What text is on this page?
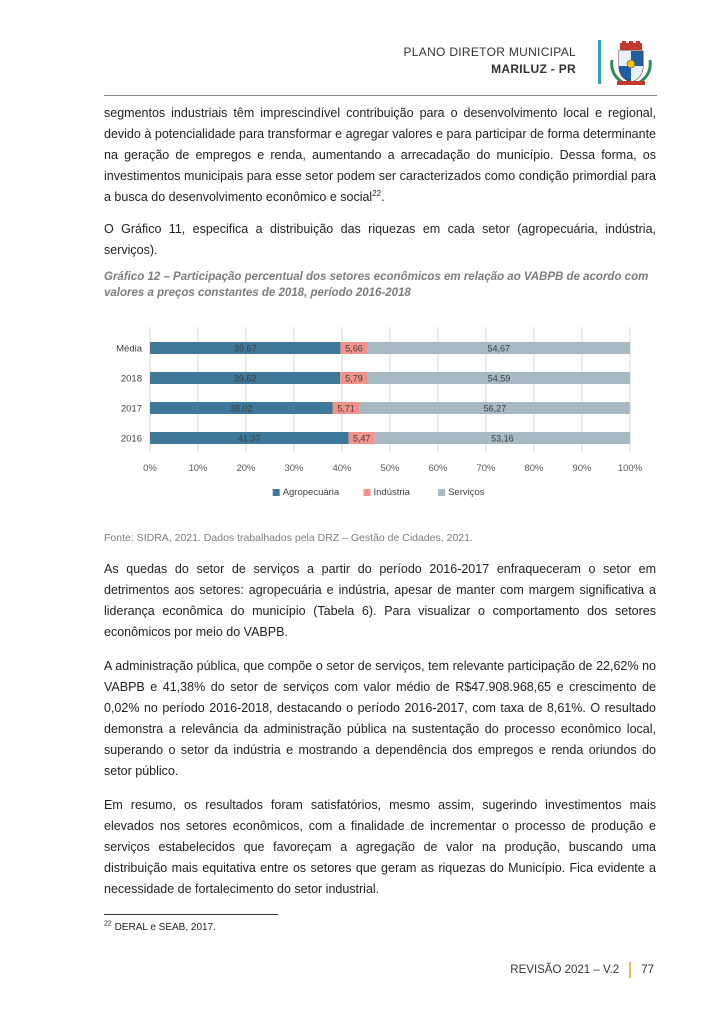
PLANO DIRETOR MUNICIPAL
MARILUZ - PR

segmentos industriais têm imprescindível contribuição para o desenvolvimento local e regional, devido à potencialidade para transformar e agregar valores e para participar de forma determinante na geração de empregos e renda, aumentando a arrecadação do município. Dessa forma, os investimentos municipais para esse setor podem ser caracterizados como condição primordial para a busca do desenvolvimento econômico e social$^{22}$.

O Gráfico 11, especifica a distribuição das riquezas em cada setor (agropecuária, indústria, serviços).

Gráfico 12 – Participação percentual dos setores econômicos em relação ao VABPB de acordo com valores a preços constantes de 2018, período 2016-2018

0%	10%	20%	30%	40%	50%	60%	70%	80%	90%	100%
Média	39,67	5,66	54,67
2018	39,62	5,79	54,59
2017	38,02	5,71	56,27
2016	41,37	5,47	53,16
Agropecuária	Indústria	Serviços

Fonte: SIDRA, 2021. Dados trabalhados pela DRZ – Gestão de Cidades, 2021.

As quedas do setor de serviços a partir do período 2016-2017 enfraqueceram o setor em detrimentos aos setores: agropecuária e indústria, apesar de manter com margem significativa a liderança econômica do município (Tabela 6). Para visualizar o comportamento dos setores econômicos por meio do VABPB.

A administração pública, que compõe o setor de serviços, tem relevante participação de 22,62% no VABPB e 41,38% do setor de serviços com valor médio de R$47.908.968,65 e crescimento de 0,02% no período 2016-2018, destacando o período 2016-2017, com taxa de 8,61%. O resultado demonstra a relevância da administração pública na sustentação do processo econômico local, superando o setor da indústria e mostrando a dependência dos empregos e renda oriundos do setor público.

Em resumo, os resultados foram satisfatórios, mesmo assim, sugerindo investimentos mais elevados nos setores econômicos, com a finalidade de incrementar o processo de produção e serviços estabelecidos que favoreçam a agregação de valor na produção, buscando uma distribuição mais equitativa entre os setores que geram as riquezas do Município. Fica evidente a necessidade de fortalecimento do setor industrial.

$^{22}$ DERAL e SEAB, 2017.
REVISÃO 2021 – V.2 77
